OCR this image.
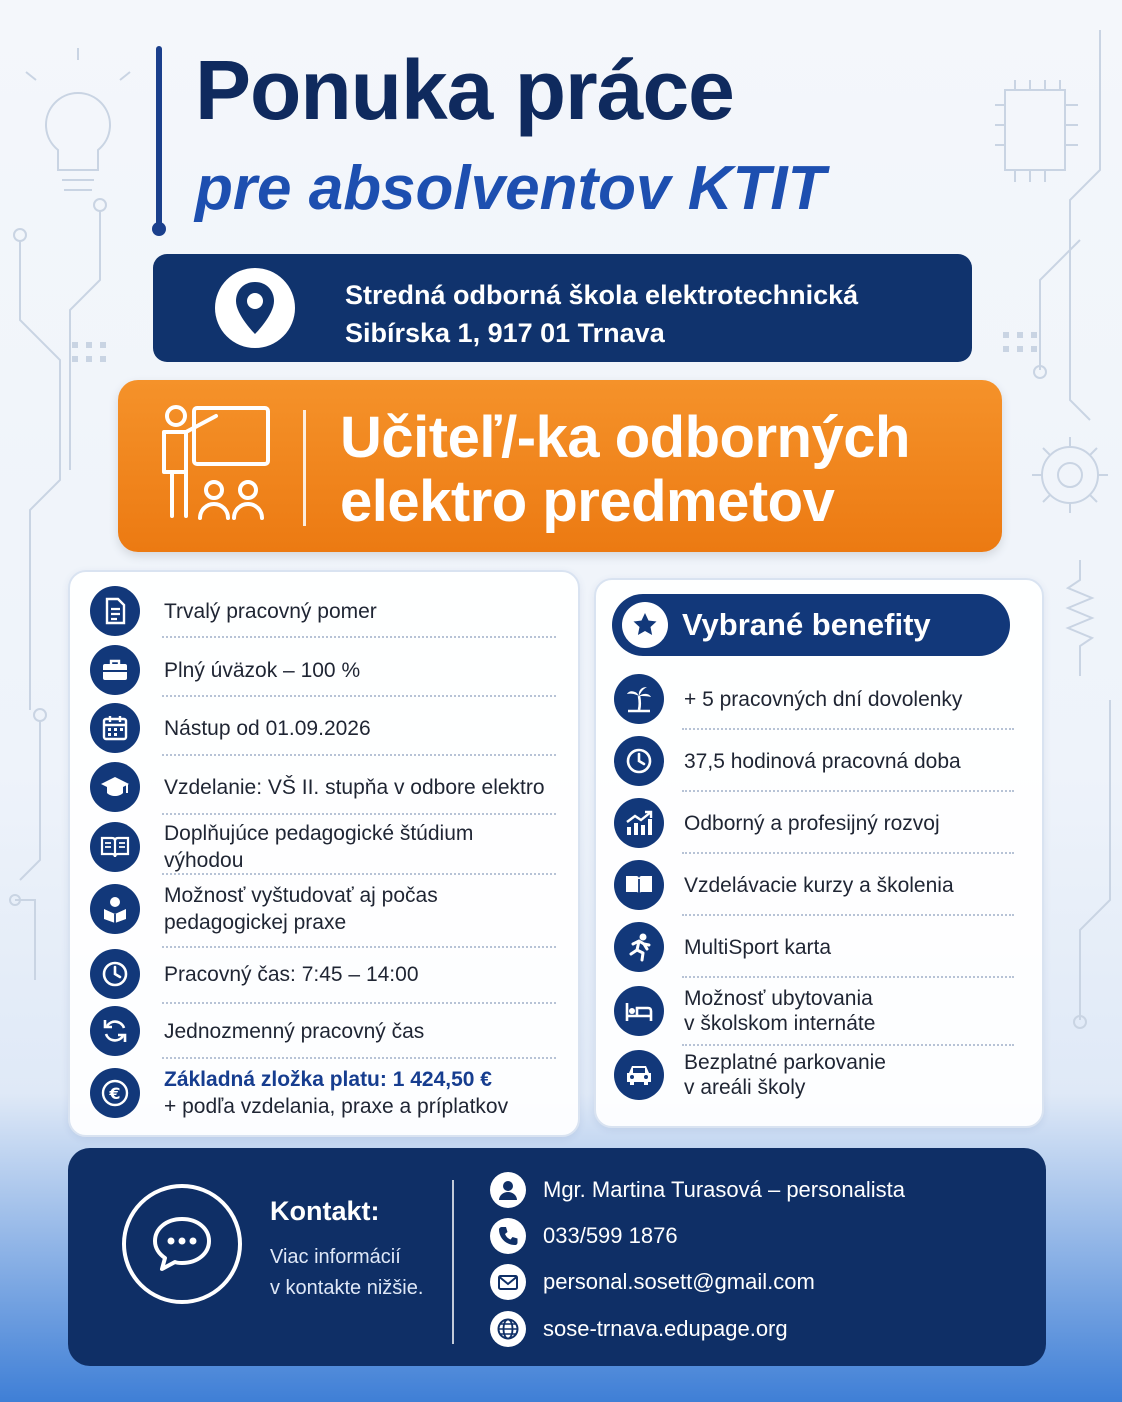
Ponuka práce
pre absolventov KTIT
Stredná odborná škola elektrotechnická
Sibírska 1, 917 01 Trnava
Učiteľ/-ka odborných
elektro predmetov
Trvalý pracovný pomer
Plný úväzok – 100 %
Nástup od 01.09.2026
Vzdelanie: VŠ II. stupňa v odbore elektro
Doplňujúce pedagogické štúdium výhodou
Možnosť vyštudovať aj počas
pedagogickej praxe
Pracovný čas: 7:45 – 14:00
Jednozmenný pracovný čas
€
Základná zložka platu: 1 424,50 €
+ podľa vzdelania, praxe a príplatkov
Vybrané benefity
+ 5 pracovných dní dovolenky
37,5 hodinová pracovná doba
Odborný a profesijný rozvoj
Vzdelávacie kurzy a školenia
MultiSport karta
Možnosť ubytovania
v školskom internáte
Bezplatné parkovanie
v areáli školy
Kontakt:
Viac informácií
v kontakte nižšie.
Mgr. Martina Turasová – personalista
033/599 1876
personal.sosett@gmail.com
sose-trnava.edupage.org
